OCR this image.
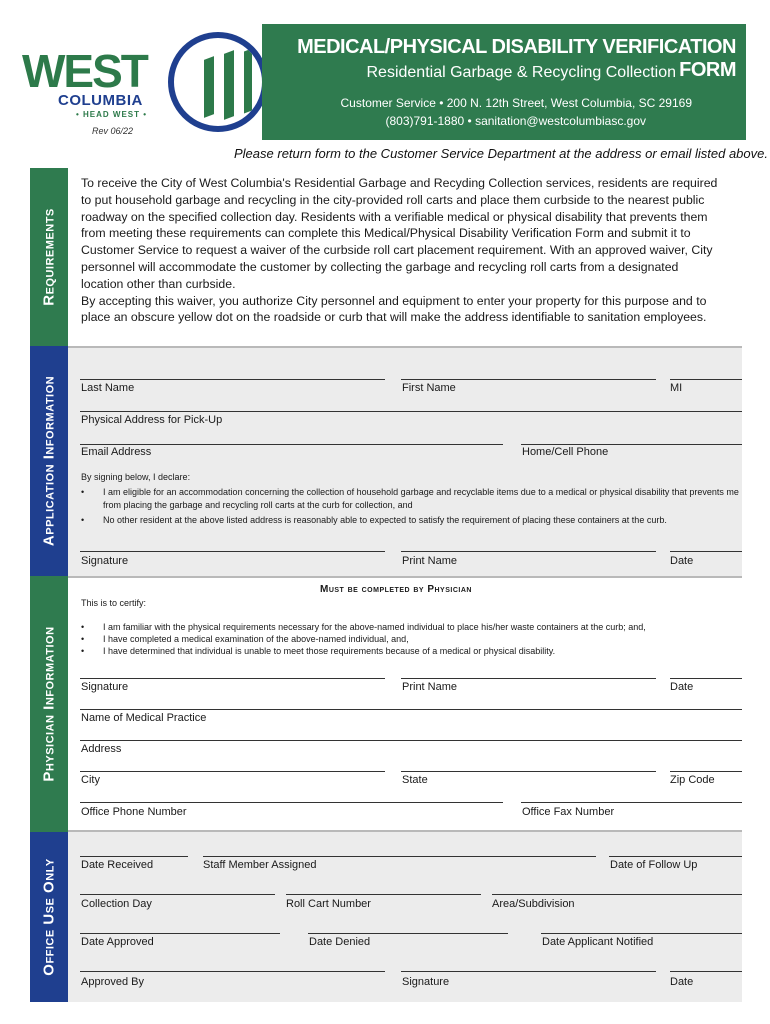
WEST
COLUMBIA
• HEAD WEST •
Rev 06/22
MEDICAL/PHYSICAL DISABILITY VERIFICATION FORM
Residential Garbage & Recycling Collection
Customer Service • 200 N. 12th Street, West Columbia, SC 29169
(803)791-1880 • sanitation@westcolumbiasc.gov
Please return form to the Customer Service Department at the address or email listed above.
Requirements
Application Information
Physician Information
Office Use Only
To receive the City of West Columbia's Residential Garbage and Recyding Collection services, residents are required to put household garbage and recycling in the city-provided roll carts and place them curbside to the nearest public roadway on the specified collection day. Residents with a verifiable medical or physical disability that prevents them from meeting these requirements can complete this Medical/Physical Disability Verification Form and submit it to Customer Service to request a waiver of the curbside roll cart placement requirement. With an approved waiver, City personnel will accommodate the customer by collecting the garbage and recycling roll carts from a designated location other than curbside.
By accepting this waiver, you authorize City personnel and equipment to enter your property for this purpose and to place an obscure yellow dot on the roadside or curb that will make the address identifiable to sanitation employees.
Last Name	First Name	MI
Physical Address for Pick-Up
Email Address	Home/Cell Phone
By signing below, I declare:
• I am eligible for an accommodation concerning the collection of household garbage and recyclable items due to a medical or physical disability that prevents me from placing the garbage and recycling roll carts at the curb for collection, and
• No other resident at the above listed address is reasonably able to expected to satisfy the requirement of placing these containers at the curb.
Signature	Print Name	Date
Must be completed by Physician
This is to certify:
• I am familiar with the physical requirements necessary for the above-named individual to place his/her waste containers at the curb; and,
• I have completed a medical examination of the above-named individual, and,
• I have determined that individual is unable to meet those requirements because of a medical or physical disability.
Signature	Print Name	Date
Name of Medical Practice
Address
City	State	Zip Code
Office Phone Number	Office Fax Number
Date Received	Staff Member Assigned	Date of Follow Up
Collection Day	Roll Cart Number	Area/Subdivision
Date Approved	Date Denied	Date Applicant Notified
Approved By	Signature	Date
